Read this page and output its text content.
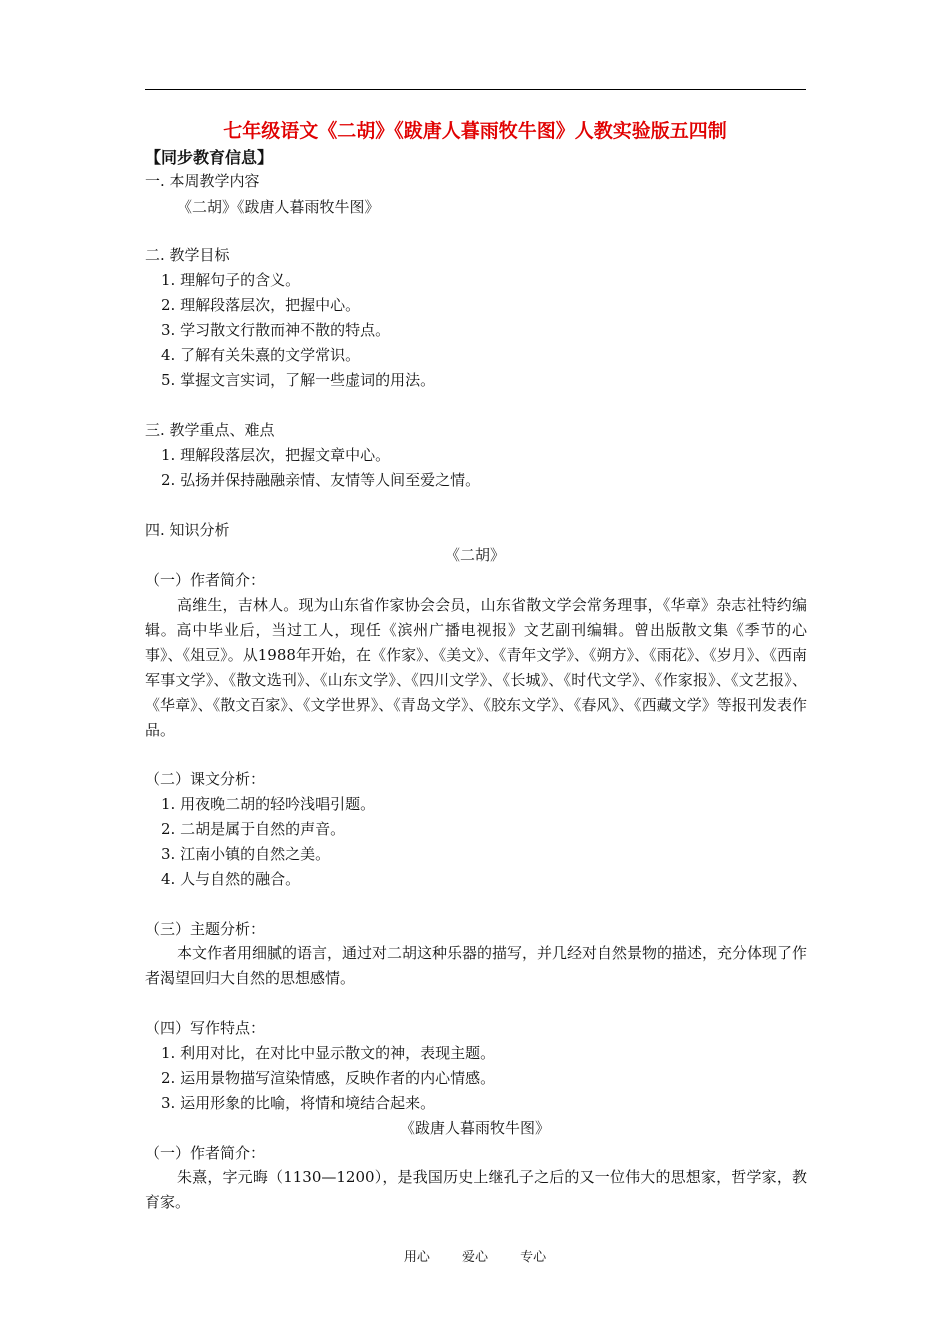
七年级语文《二胡》《跋唐人暮雨牧牛图》人教实验版五四制
【同步教育信息】
一. 本周教学内容
《二胡》《跋唐人暮雨牧牛图》
二. 教学目标
1. 理解句子的含义。
2. 理解段落层次，把握中心。
3. 学习散文行散而神不散的特点。
4. 了解有关朱熹的文学常识。
5. 掌握文言实词，了解一些虚词的用法。
三. 教学重点、难点
1. 理解段落层次，把握文章中心。
2. 弘扬并保持融融亲情、友情等人间至爱之情。
四. 知识分析
《二胡》
（一）作者简介：
高维生，吉林人。现为山东省作家协会会员，山东省散文学会常务理事，《华章》杂志社特约编辑。高中毕业后，当过工人，现任《滨州广播电视报》文艺副刊编辑。曾出版散文集《季节的心事》、《俎豆》。从1988年开始，在《作家》、《美文》、《青年文学》、《朔方》、《雨花》、《岁月》、《西南军事文学》、《散文选刊》、《山东文学》、《四川文学》、《长城》、《时代文学》、《作家报》、《文艺报》、《华章》、《散文百家》、《文学世界》、《青岛文学》、《胶东文学》、《春风》、《西藏文学》等报刊发表作品。
（二）课文分析：
1. 用夜晚二胡的轻吟浅唱引题。
2. 二胡是属于自然的声音。
3. 江南小镇的自然之美。
4. 人与自然的融合。
（三）主题分析：
本文作者用细腻的语言，通过对二胡这种乐器的描写，并几经对自然景物的描述，充分体现了作者渴望回归大自然的思想感情。
（四）写作特点：
1. 利用对比，在对比中显示散文的神，表现主题。
2. 运用景物描写渲染情感，反映作者的内心情感。
3. 运用形象的比喻，将情和境结合起来。
《跋唐人暮雨牧牛图》
（一）作者简介：
朱熹，字元晦（1130—1200），是我国历史上继孔子之后的又一位伟大的思想家，哲学家，教育家。
用心 爱心 专心
